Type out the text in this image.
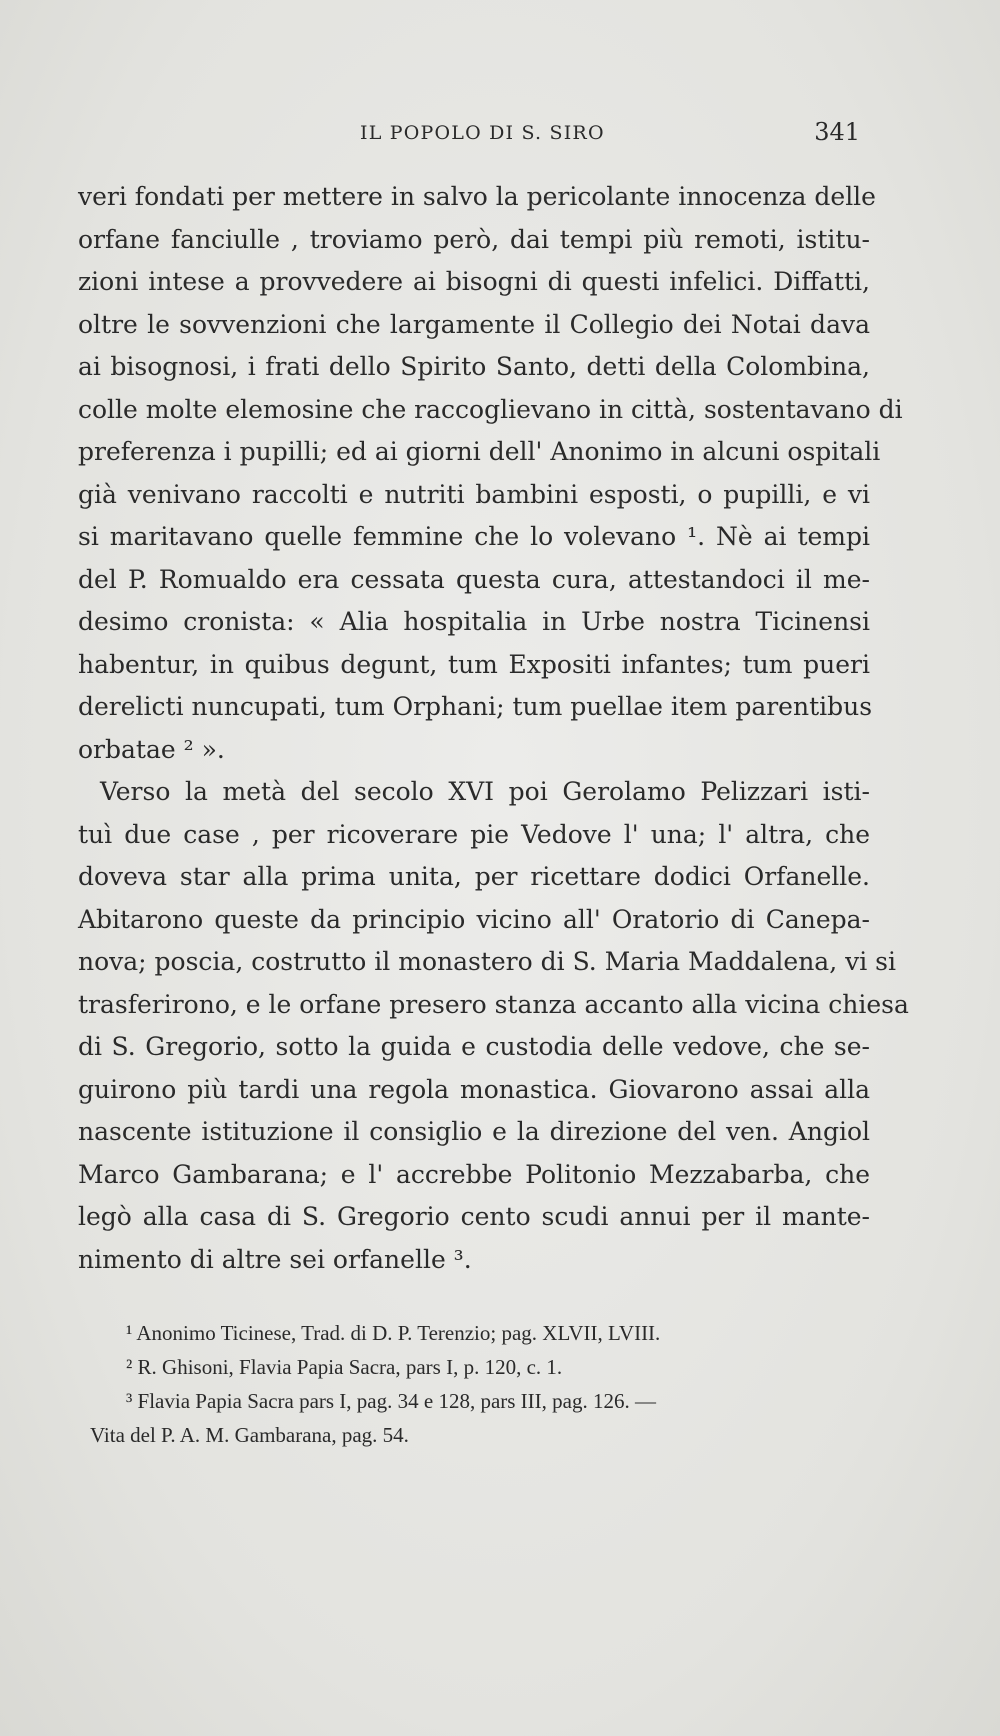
IL POPOLO DI S. SIRO	341
veri fondati per mettere in salvo la pericolante innocenza delle
orfane fanciulle , troviamo però, dai tempi più remoti, istitu-
zioni intese a provvedere ai bisogni di questi infelici. Diffatti,
oltre le sovvenzioni che largamente il Collegio dei Notai dava
ai bisognosi, i frati dello Spirito Santo, detti della Colombina,
colle molte elemosine che raccoglievano in città, sostentavano di
preferenza i pupilli; ed ai giorni dell' Anonimo in alcuni ospitali
già venivano raccolti e nutriti bambini esposti, o pupilli, e vi
si maritavano quelle femmine che lo volevano ¹. Nè ai tempi
del P. Romualdo era cessata questa cura, attestandoci il me-
desimo cronista: « Alia hospitalia in Urbe nostra Ticinensi
habentur, in quibus degunt, tum Expositi infantes; tum pueri
derelicti nuncupati, tum Orphani; tum puellae item parentibus
orbatae ² ».
Verso la metà del secolo XVI poi Gerolamo Pelizzari isti-
tuì due case , per ricoverare pie Vedove l' una; l' altra, che
doveva star alla prima unita, per ricettare dodici Orfanelle.
Abitarono queste da principio vicino all' Oratorio di Canepa-
nova; poscia, costrutto il monastero di S. Maria Maddalena, vi si
trasferirono, e le orfane presero stanza accanto alla vicina chiesa
di S. Gregorio, sotto la guida e custodia delle vedove, che se-
guirono più tardi una regola monastica. Giovarono assai alla
nascente istituzione il consiglio e la direzione del ven. Angiol
Marco Gambarana; e l' accrebbe Politonio Mezzabarba, che
legò alla casa di S. Gregorio cento scudi annui per il mante-
nimento di altre sei orfanelle ³.
¹ Anonimo Ticinese, Trad. di D. P. Terenzio; pag. XLVII, LVIII.
² R. Ghisoni, Flavia Papia Sacra, pars I, p. 120, c. 1.
³ Flavia Papia Sacra pars I, pag. 34 e 128, pars III, pag. 126. —
Vita del P. A. M. Gambarana, pag. 54.
